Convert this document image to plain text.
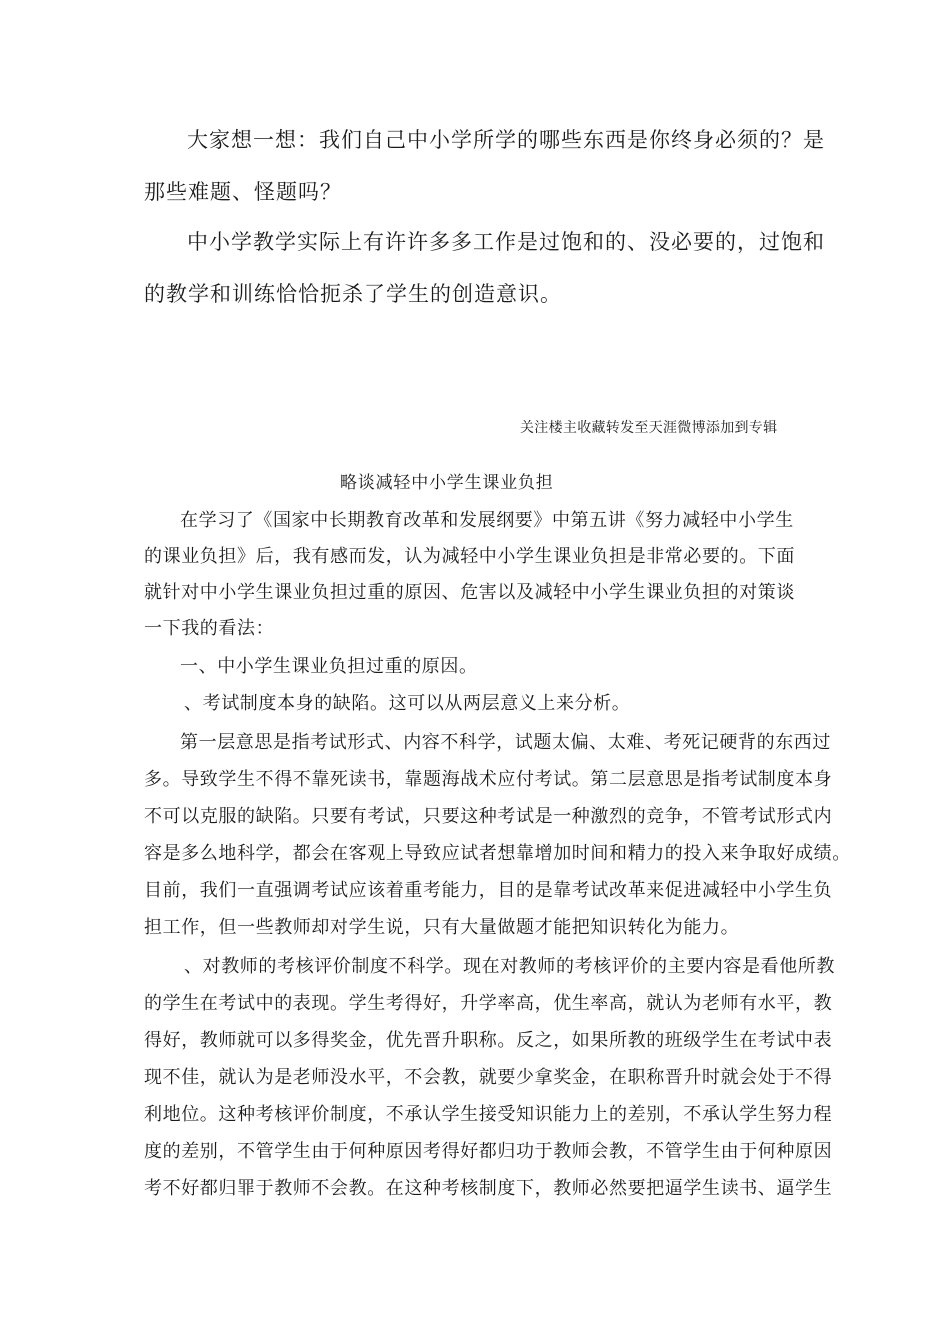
大家想一想：我们自己中小学所学的哪些东西是你终身必须的？是

那些难题、怪题吗？

中小学教学实际上有许许多多工作是过饱和的、没必要的，过饱和

的教学和训练恰恰扼杀了学生的创造意识。

关注楼主收藏转发至天涯微博添加到专辑
略谈减轻中小学生课业负担

在学习了《国家中长期教育改革和发展纲要》中第五讲《努力减轻中小学生

的课业负担》后，我有感而发，认为减轻中小学生课业负担是非常必要的。下面

就针对中小学生课业负担过重的原因、危害以及减轻中小学生课业负担的对策谈

一下我的看法：

一、中小学生课业负担过重的原因。

、考试制度本身的缺陷。这可以从两层意义上来分析。

第一层意思是指考试形式、内容不科学，试题太偏、太难、考死记硬背的东西过

多。导致学生不得不靠死读书，靠题海战术应付考试。第二层意思是指考试制度本身

不可以克服的缺陷。只要有考试，只要这种考试是一种激烈的竞争，不管考试形式内

容是多么地科学，都会在客观上导致应试者想靠增加时间和精力的投入来争取好成绩。

目前，我们一直强调考试应该着重考能力，目的是靠考试改革来促进减轻中小学生负

担工作，但一些教师却对学生说，只有大量做题才能把知识转化为能力。

、对教师的考核评价制度不科学。现在对教师的考核评价的主要内容是看他所教

的学生在考试中的表现。学生考得好，升学率高，优生率高，就认为老师有水平，教

得好，教师就可以多得奖金，优先晋升职称。反之，如果所教的班级学生在考试中表

现不佳，就认为是老师没水平，不会教，就要少拿奖金，在职称晋升时就会处于不得

利地位。这种考核评价制度，不承认学生接受知识能力上的差别，不承认学生努力程

度的差别，不管学生由于何种原因考得好都归功于教师会教，不管学生由于何种原因

考不好都归罪于教师不会教。在这种考核制度下，教师必然要把逼学生读书、逼学生
